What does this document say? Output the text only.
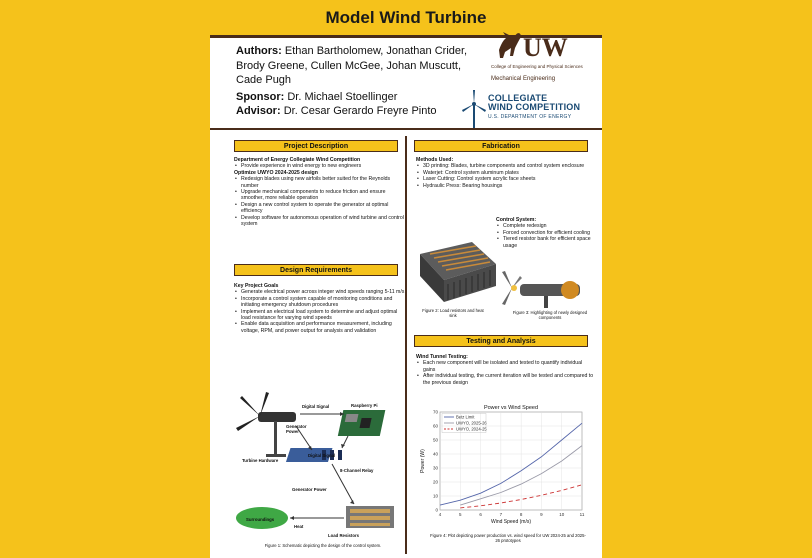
Model Wind Turbine
Authors: Ethan Bartholomew, Jonathan Crider, Brody Greene, Cullen McGee, Johan Muscutt, Cade Pugh
Sponsor: Dr. Michael Stoellinger
Advisor: Dr. Cesar Gerardo Freyre Pinto
UW
College of Engineering and Physical Sciences
Mechanical Engineering
COLLEGIATE
WIND COMPETITION
U.S. DEPARTMENT OF ENERGY
Project Description
Department of Energy Collegiate Wind Competition
• Provide experience in wind energy to new engineers
Optimize UWYO 2024-2025 design
• Redesign blades using new airfoils better suited for the Reynolds number
• Upgrade mechanical components to reduce friction and ensure smoother, more reliable operation
• Design a new control system to operate the generator at optimal efficiency
• Develop software for autonomous operation of wind turbine and control system
Design Requirements
Key Project Goals
• Generate electrical power across integer wind speeds ranging 5-11 m/s
• Incorporate a control system capable of monitoring conditions and initiating emergency shutdown procedures
• Implement an electrical load system to determine and adjust optimal load resistance for varying wind speeds
• Enable data acquisition and performance measurement, including voltage, RPM, and power output for analysis and validation
Digital Signal	Raspberry Pi
Generator Power
Turbine Hardware
Digital Signal
8-Channel Relay
Generator Power
Surroundings
Heat
Load Resistors
Figure 1: Schematic depicting the design of the control system.
Fabrication
Methods Used:
• 3D printing: Blades, turbine components and control system enclosure
• Waterjet: Control system aluminum plates
• Laser Cutting: Control system acrylic face sheets
• Hydraulic Press: Bearing housings
Control System:
• Complete redesign
• Forced convection for efficient cooling
• Tiered resistor bank for efficient space usage
Figure 2: Load resistors and heat sink
Figure 3: Highlighting of newly designed components
Testing and Analysis
Wind Tunnel Testing:
• Each new component will be isolated and tested to quantify individual gains
• After individual testing, the current iteration will be tested and compared to the previous design
4	5	6	7	8	9	10	11
0
10
20
30
40
50
60
70
Power vs Wind Speed
Wind Speed (m/s)
Power (W)
Betz Limit
UWYO, 2025-26
UWYO, 2024-25
Figure 4: Plot depicting power production vs. wind speed for UW 2024-25 and 2025-26 prototypes
